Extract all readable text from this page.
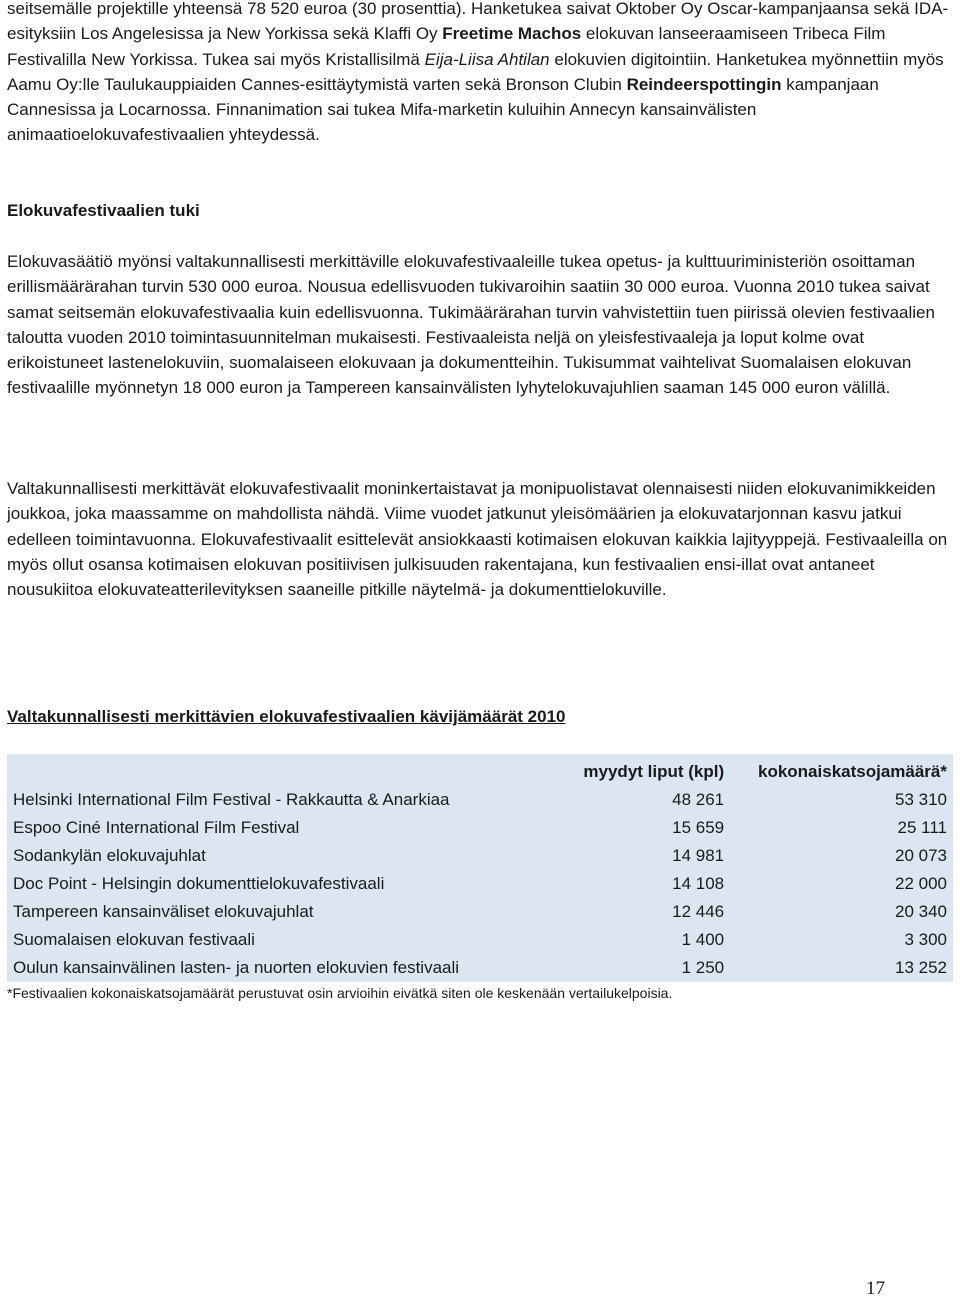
seitsemälle projektille yhteensä 78 520 euroa (30 prosenttia). Hanketukea saivat Oktober Oy Oscar-kampanjaansa sekä IDA-esityksiin Los Angelesissa ja New Yorkissa sekä Klaffi Oy Freetime Machos elokuvan lanseeraamiseen Tribeca Film Festivalilla New Yorkissa. Tukea sai myös Kristallisilmä Eija-Liisa Ahtilan elokuvien digitointiin. Hanketukea myönnettiin myös Aamu Oy:lle Taulukauppiaiden Cannes-esittäytymistä varten sekä Bronson Clubin Reindeerspottingin kampanjaan Cannesissa ja Locarnossa. Finnanimation sai tukea Mifa-marketin kuluihin Annecyn kansainvälisten animaatioelokuvafestivaalien yhteydessä.

Elokuvafestivaalien tuki

Elokuvasäätiö myönsi valtakunnallisesti merkittäville elokuvafestivaaleille tukea opetus- ja kulttuuriministeriön osoittaman erillismäärärahan turvin 530 000 euroa. Nousua edellisvuoden tukivaroihin saatiin 30 000 euroa. Vuonna 2010 tukea saivat samat seitsemän elokuvafestivaalia kuin edellisvuonna. Tukimäärärahan turvin vahvistettiin tuen piirissä olevien festivaalien taloutta vuoden 2010 toimintasuunnitelman mukaisesti. Festivaaleista neljä on yleisfestivaaleja ja loput kolme ovat erikoistuneet lastenelokuviin, suomalaiseen elokuvaan ja dokumentteihin. Tukisummat vaihtelivat Suomalaisen elokuvan festivaalille myönnetyn 18 000 euron ja Tampereen kansainvälisten lyhytelokuvajuhlien saaman 145 000 euron välillä.

Valtakunnallisesti merkittävät elokuvafestivaalit moninkertaistavat ja monipuolistavat olennaisesti niiden elokuvanimikkeiden joukkoa, joka maassamme on mahdollista nähdä. Viime vuodet jatkunut yleisömäärien ja elokuvatarjonnan kasvu jatkui edelleen toimintavuonna. Elokuvafestivaalit esittelevät ansiokkaasti kotimaisen elokuvan kaikkia lajityyppejä. Festivaaleilla on myös ollut osansa kotimaisen elokuvan positiivisen julkisuuden rakentajana, kun festivaalien ensi-illat ovat antaneet nousukiitoa elokuvateatterilevityksen saaneille pitkille näytelmä- ja dokumenttielokuville.

Valtakunnallisesti merkittävien elokuvafestivaalien kävijämäärät 2010
	myydyt liput (kpl)	kokonaiskatsojamäärä*
Helsinki International Film Festival - Rakkautta & Anarkiaa	48 261	53 310
Espoo Ciné International Film Festival	15 659	25 111
Sodankylän elokuvajuhlat	14 981	20 073
Doc Point - Helsingin dokumenttielokuvafestivaali	14 108	22 000
Tampereen kansainväliset elokuvajuhlat	12 446	20 340
Suomalaisen elokuvan festivaali	1 400	3 300
Oulun kansainvälinen lasten- ja nuorten elokuvien festivaali	1 250	13 252

*Festivaalien kokonaiskatsojamäärät perustuvat osin arvioihin eivätkä siten ole keskenään vertailukelpoisia.

17
